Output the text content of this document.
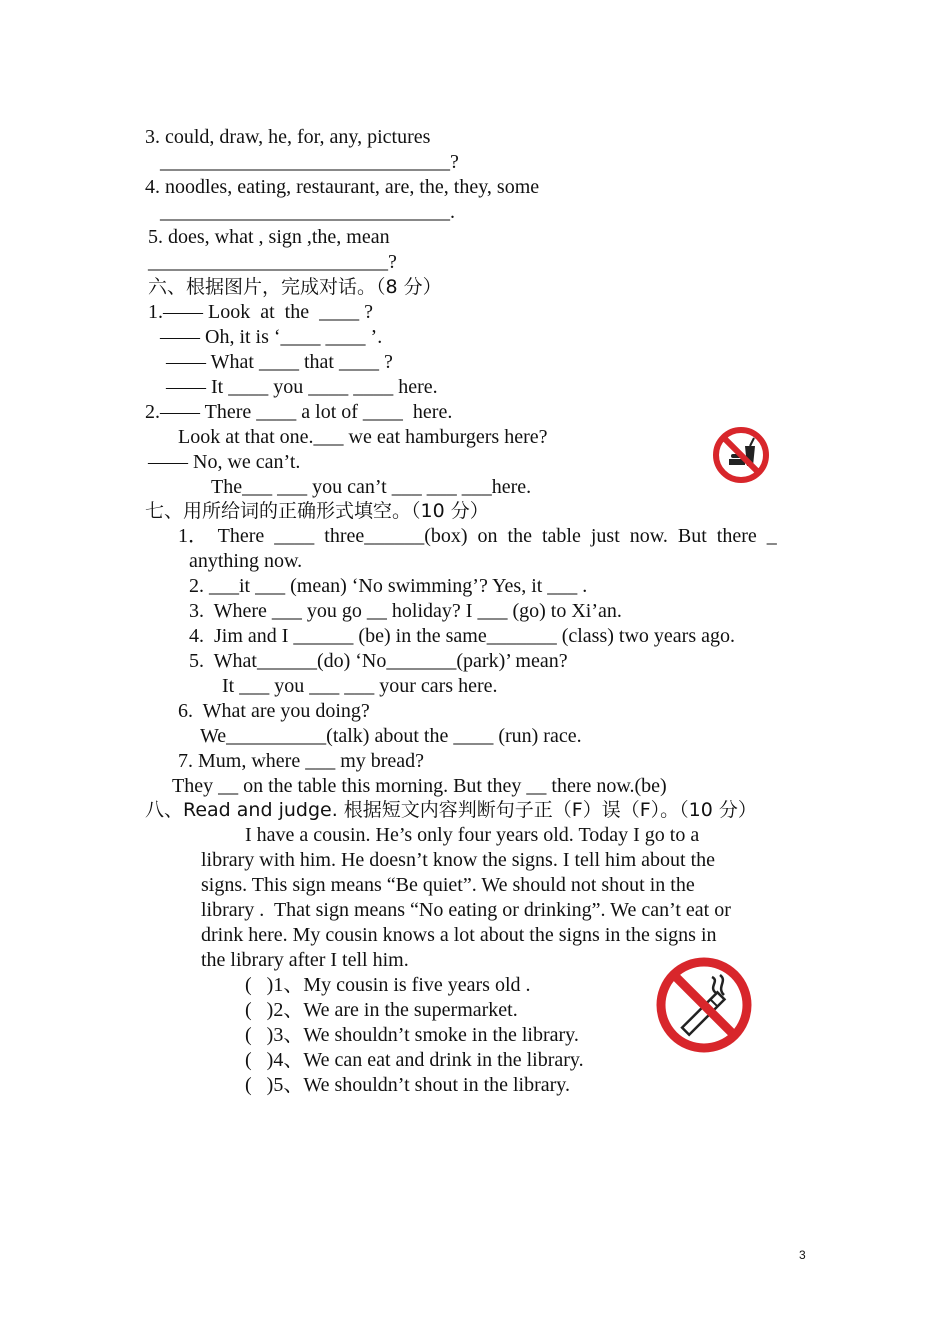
3. could, draw, he, for, any, pictures
_____________________________?
4. noodles, eating, restaurant, are, the, they, some
_____________________________.
5. does, what , sign ,the, mean
________________________?
六、根据图片，完成对话。（8 分）
1.—— Look  at  the  ____ ?
—— Oh, it is ‘____ ____ ’.
—— What ____ that ____ ?
—— It ____ you ____ ____ here.
2.—— There ____ a lot of ____  here.
Look at that one.___ we eat hamburgers here?
—— No, we can’t.
The___ ___ you can’t ___ ___ ___here.
七、用所给词的正确形式填空。（10 分）
1．  There  ____  three______(box)  on  the  table  just  now.  But  there  _
anything now.
2. ___it ___ (mean) ‘No swimming’? Yes, it ___ .
3.  Where ___ you go __ holiday? I ___ (go) to Xi’an.
4.  Jim and I ______ (be) in the same_______ (class) two years ago.
5.  What______(do) ‘No_______(park)’ mean?
It ___ you ___ ___ your cars here.
6.  What are you doing?
We__________(talk) about the ____ (run) race.
7. Mum, where ___ my bread?
They __ on the table this morning. But they __ there now.(be)
八、Read and judge. 根据短文内容判断句子正（F）误（F）。（10 分）
I have a cousin. He’s only four years old. Today I go to a
library with him. He doesn’t know the signs. I tell him about the
signs. This sign means “Be quiet”. We should not shout in the
library .  That sign means “No eating or drinking”. We can’t eat or
drink here. My cousin knows a lot about the signs in the signs in
the library after I tell him.
(   )1、My cousin is five years old .
(   )2、We are in the supermarket.
(   )3、We shouldn’t smoke in the library.
(   )4、We can eat and drink in the library.
(   )5、We shouldn’t shout in the library.
3
